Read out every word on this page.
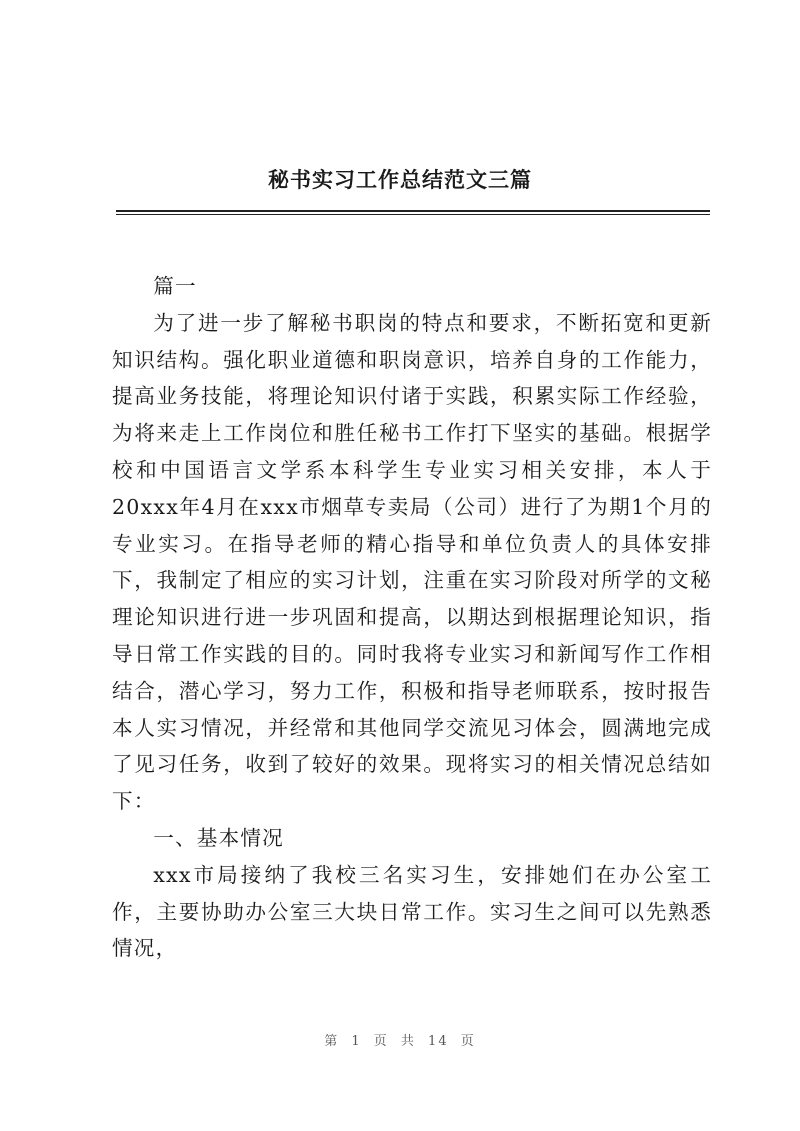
秘书实习工作总结范文三篇

篇一

为了进一步了解秘书职岗的特点和要求，不断拓宽和更新知识结构。强化职业道德和职岗意识，培养自身的工作能力，提高业务技能，将理论知识付诸于实践，积累实际工作经验，为将来走上工作岗位和胜任秘书工作打下坚实的基础。根据学校和中国语言文学系本科学生专业实习相关安排，本人于20xxx年4月在xxx市烟草专卖局（公司）进行了为期1个月的专业实习。在指导老师的精心指导和单位负责人的具体安排下，我制定了相应的实习计划，注重在实习阶段对所学的文秘理论知识进行进一步巩固和提高，以期达到根据理论知识，指导日常工作实践的目的。同时我将专业实习和新闻写作工作相结合，潜心学习，努力工作，积极和指导老师联系，按时报告本人实习情况，并经常和其他同学交流见习体会，圆满地完成了见习任务，收到了较好的效果。现将实习的相关情况总结如下：

一、基本情况

xxx市局接纳了我校三名实习生，安排她们在办公室工作，主要协助办公室三大块日常工作。实习生之间可以先熟悉情况，

第 1 页 共 14 页
